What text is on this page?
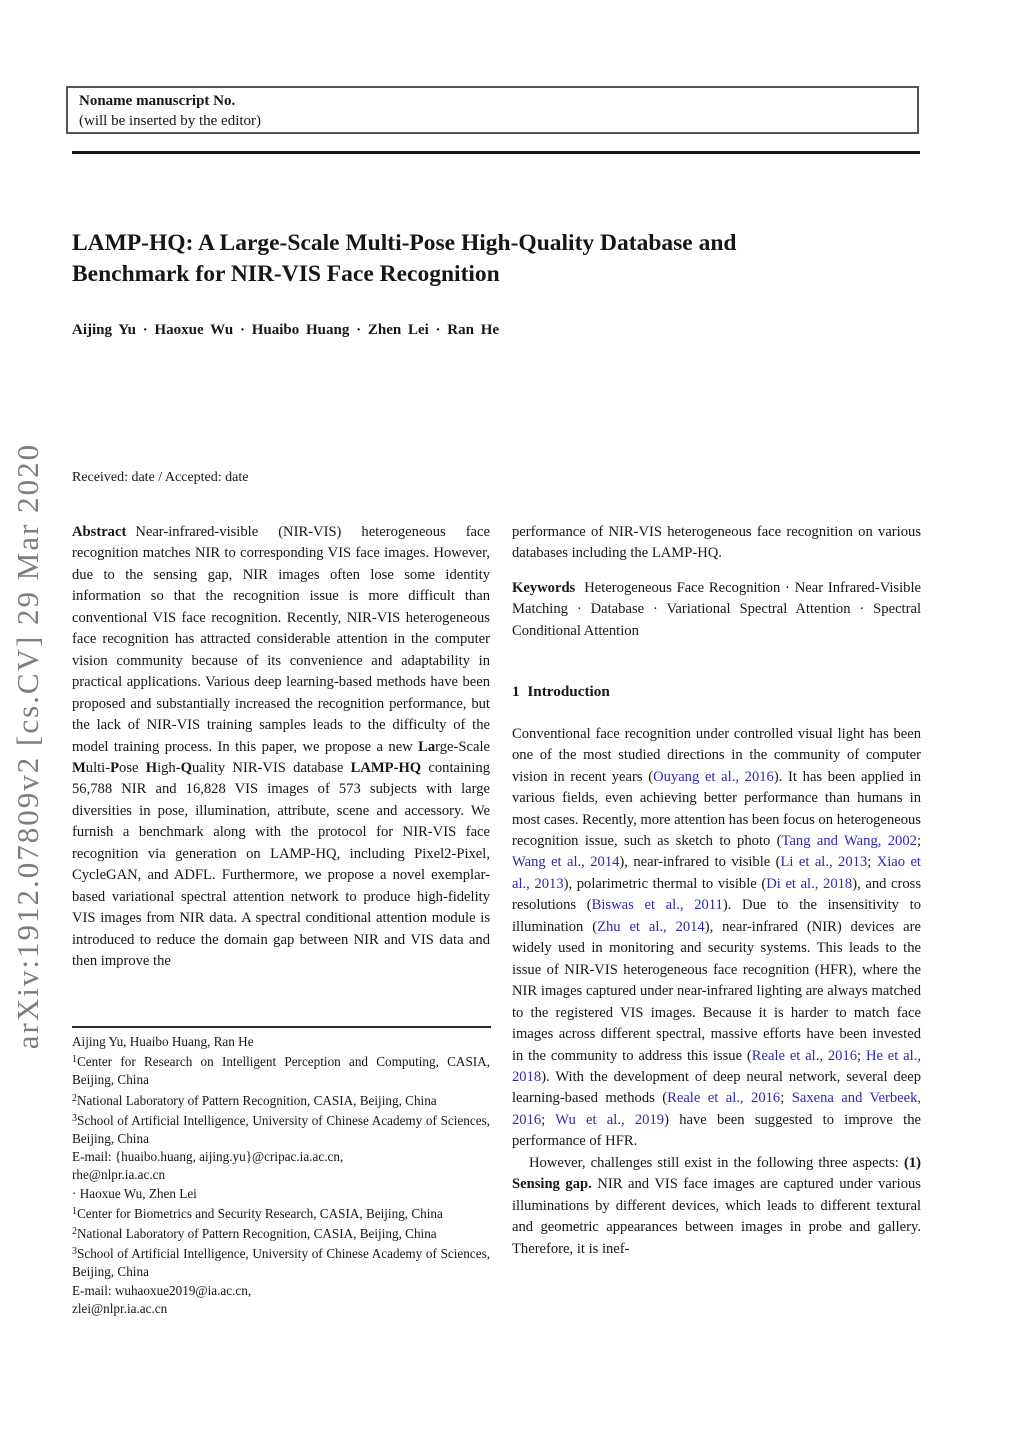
arXiv:1912.07809v2 [cs.CV] 29 Mar 2020
Noname manuscript No.
(will be inserted by the editor)
LAMP-HQ: A Large-Scale Multi-Pose High-Quality Database and Benchmark for NIR-VIS Face Recognition
Aijing Yu · Haoxue Wu · Huaibo Huang · Zhen Lei · Ran He
Received: date / Accepted: date

Abstract Near-infrared-visible (NIR-VIS) heterogeneous face recognition matches NIR to corresponding VIS face images. However, due to the sensing gap, NIR images often lose some identity information so that the recognition issue is more difficult than conventional VIS face recognition. Recently, NIR-VIS heterogeneous face recognition has attracted considerable attention in the computer vision community because of its convenience and adaptability in practical applications. Various deep learning-based methods have been proposed and substantially increased the recognition performance, but the lack of NIR-VIS training samples leads to the difficulty of the model training process. In this paper, we propose a new Large-Scale Multi-Pose High-Quality NIR-VIS database LAMP-HQ containing 56,788 NIR and 16,828 VIS images of 573 subjects with large diversities in pose, illumination, attribute, scene and accessory. We furnish a benchmark along with the protocol for NIR-VIS face recognition via generation on LAMP-HQ, including Pixel2-Pixel, CycleGAN, and ADFL. Furthermore, we propose a novel exemplar-based variational spectral attention network to produce high-fidelity VIS images from NIR data. A spectral conditional attention module is introduced to reduce the domain gap between NIR and VIS data and then improve the

Aijing Yu, Huaibo Huang, Ran He
$^1$Center for Research on Intelligent Perception and Computing, CASIA, Beijing, China
$^2$National Laboratory of Pattern Recognition, CASIA, Beijing, China
$^3$School of Artificial Intelligence, University of Chinese Academy of Sciences, Beijing, China
E-mail: {huaibo.huang, aijing.yu}@cripac.ia.ac.cn,
rhe@nlpr.ia.ac.cn
· Haoxue Wu, Zhen Lei
$^1$Center for Biometrics and Security Research, CASIA, Beijing, China
$^2$National Laboratory of Pattern Recognition, CASIA, Beijing, China
$^3$School of Artificial Intelligence, University of Chinese Academy of Sciences, Beijing, China
E-mail: wuhaoxue2019@ia.ac.cn,
zlei@nlpr.ia.ac.cn

performance of NIR-VIS heterogeneous face recognition on various databases including the LAMP-HQ.

Keywords Heterogeneous Face Recognition · Near Infrared-Visible Matching · Database · Variational Spectral Attention · Spectral Conditional Attention

1 Introduction

Conventional face recognition under controlled visual light has been one of the most studied directions in the community of computer vision in recent years (Ouyang et al., 2016). It has been applied in various fields, even achieving better performance than humans in most cases. Recently, more attention has been focus on heterogeneous recognition issue, such as sketch to photo (Tang and Wang, 2002; Wang et al., 2014), near-infrared to visible (Li et al., 2013; Xiao et al., 2013), polarimetric thermal to visible (Di et al., 2018), and cross resolutions (Biswas et al., 2011). Due to the insensitivity to illumination (Zhu et al., 2014), near-infrared (NIR) devices are widely used in monitoring and security systems. This leads to the issue of NIR-VIS heterogeneous face recognition (HFR), where the NIR images captured under near-infrared lighting are always matched to the registered VIS images. Because it is harder to match face images across different spectral, massive efforts have been invested in the community to address this issue (Reale et al., 2016; He et al., 2018). With the development of deep neural network, several deep learning-based methods (Reale et al., 2016; Saxena and Verbeek, 2016; Wu et al., 2019) have been suggested to improve the performance of HFR.

However, challenges still exist in the following three aspects: (1) Sensing gap. NIR and VIS face images are captured under various illuminations by different devices, which leads to different textural and geometric appearances between images in probe and gallery. Therefore, it is inef-
